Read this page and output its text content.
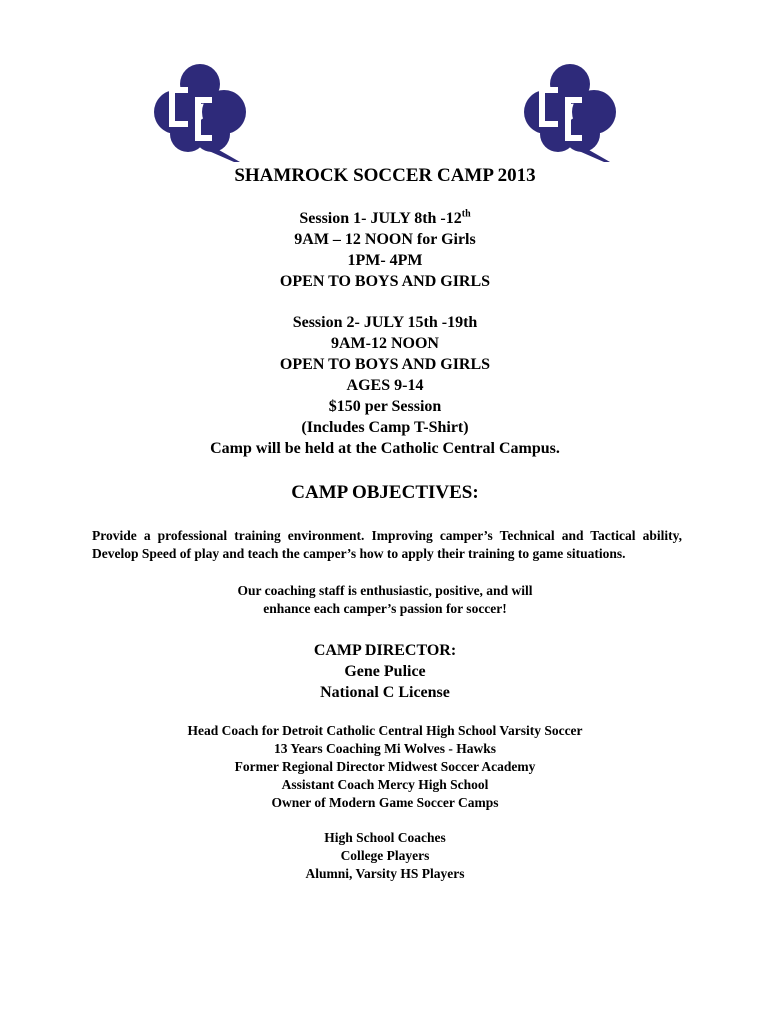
SHAMROCK SOCCER CAMP 2013
Session 1- JULY 8th -12th
9AM – 12 NOON for Girls
1PM- 4PM
OPEN TO BOYS AND GIRLS
Session 2- JULY 15th -19th
9AM-12 NOON
OPEN TO BOYS AND GIRLS
AGES 9-14
$150 per Session
(Includes Camp T-Shirt)
Camp will be held at the Catholic Central Campus.
CAMP OBJECTIVES:
Provide a professional training environment. Improving camper’s Technical and Tactical ability, Develop Speed of play and teach the camper’s how to apply their training to game situations.
Our coaching staff is enthusiastic, positive, and will
enhance each camper’s passion for soccer!
CAMP DIRECTOR:
Gene Pulice
National C License
Head Coach for Detroit Catholic Central High School Varsity Soccer
13 Years Coaching Mi Wolves - Hawks
Former Regional Director Midwest Soccer Academy
Assistant Coach Mercy High School
Owner of Modern Game Soccer Camps
High School Coaches
College Players
Alumni, Varsity HS Players
